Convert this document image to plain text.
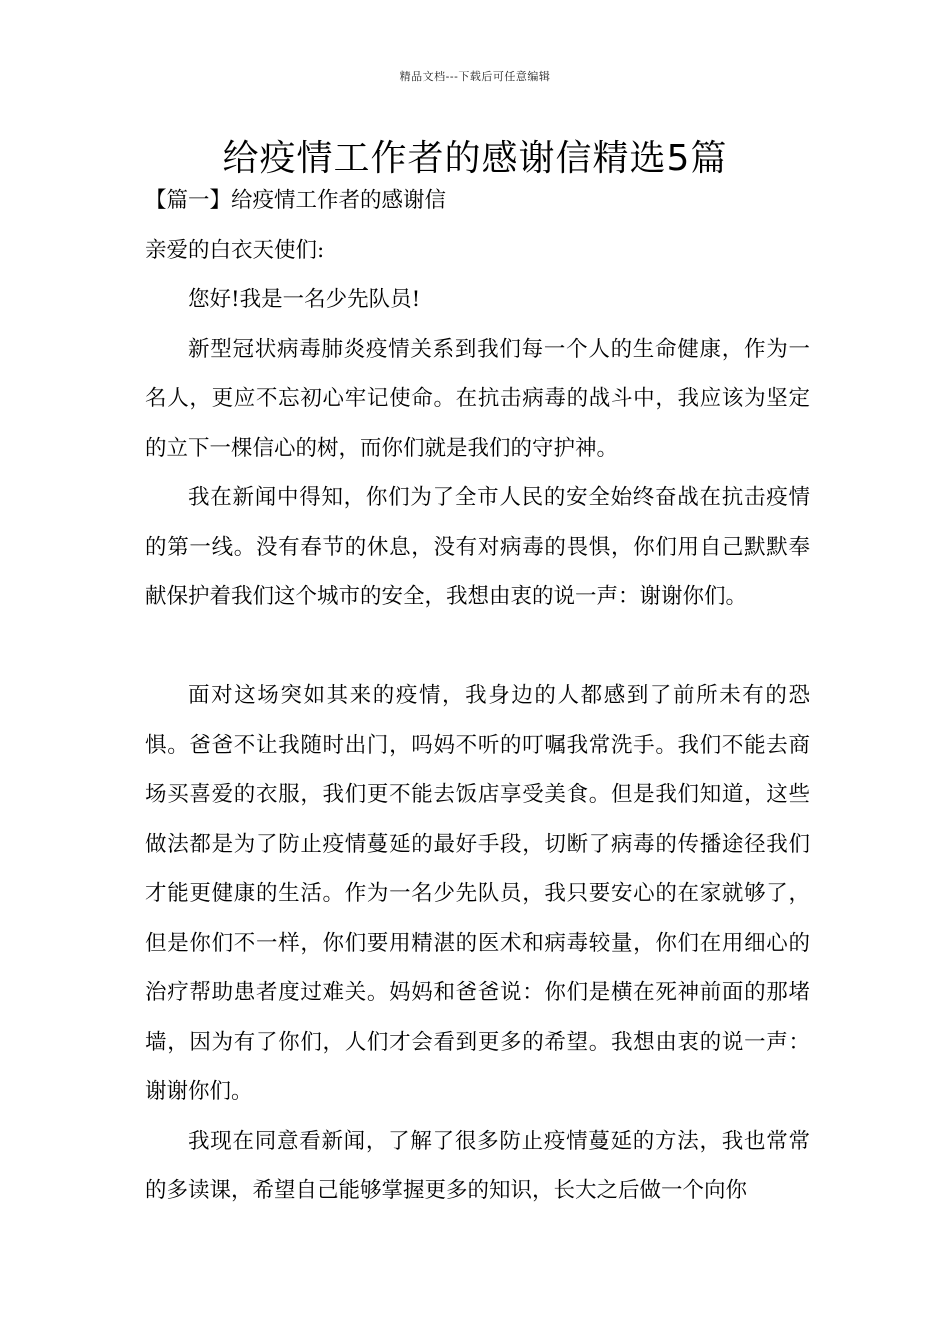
精品文档---下载后可任意编辑
给疫情工作者的感谢信精选5篇
【篇一】给疫情工作者的感谢信
亲爱的白衣天使们:

您好!我是一名少先队员!

新型冠状病毒肺炎疫情关系到我们每一个人的生命健康，作为一名人，更应不忘初心牢记使命。在抗击病毒的战斗中，我应该为坚定的立下一棵信心的树，而你们就是我们的守护神。

我在新闻中得知，你们为了全市人民的安全始终奋战在抗击疫情的第一线。没有春节的休息，没有对病毒的畏惧，你们用自己默默奉献保护着我们这个城市的安全，我想由衷的说一声：谢谢你们。

面对这场突如其来的疫情，我身边的人都感到了前所未有的恐惧。爸爸不让我随时出门，吗妈不听的叮嘱我常洗手。我们不能去商场买喜爱的衣服，我们更不能去饭店享受美食。但是我们知道，这些做法都是为了防止疫情蔓延的最好手段，切断了病毒的传播途径我们才能更健康的生活。作为一名少先队员，我只要安心的在家就够了，但是你们不一样，你们要用精湛的医术和病毒较量，你们在用细心的治疗帮助患者度过难关。妈妈和爸爸说：你们是横在死神前面的那堵墙，因为有了你们，人们才会看到更多的希望。我想由衷的说一声：谢谢你们。

我现在同意看新闻，了解了很多防止疫情蔓延的方法，我也常常的多读课，希望自己能够掌握更多的知识，长大之后做一个向你
